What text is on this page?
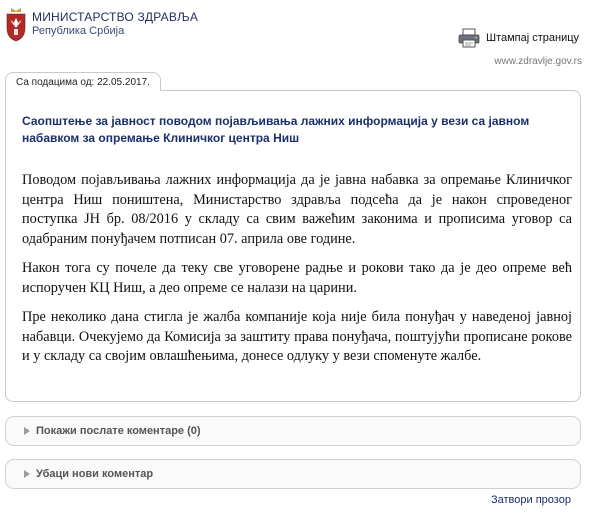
МИНИСТАРСТВО ЗДРАВЉА
Република Србија
Штампај страницу
www.zdravlje.gov.rs
Са подацима од: 22.05.2017.
Саопштење за јавност поводом појављивања лажних информација у вези са јавном набавком за опремање Клиничког центра Ниш

Поводом појављивања лажних информација да је јавна набавка за опремање Клиничког центра Ниш поништена, Министарство здравља подсећа да је након спроведеног поступка ЈН бр. 08/2016 у складу са свим важећим законима и прописима уговор са одабраним понуђачем потписан 07. априла ове године.

Након тога су почеле да теку све уговорене радње и рокови тако да је део опреме већ испоручен КЦ Ниш, а део опреме се налази на царини.

Пре неколико дана стигла је жалба компаније која није била понуђач у наведеној јавној набавци. Очекујемо да Комисија за заштиту права понуђача, поштујући прописане рокове и у складу са својим овлашћењима, донесе одлуку у вези споменуте жалбе.

Покажи послате коментаре (0)
Убаци нови коментар
Затвори прозор
